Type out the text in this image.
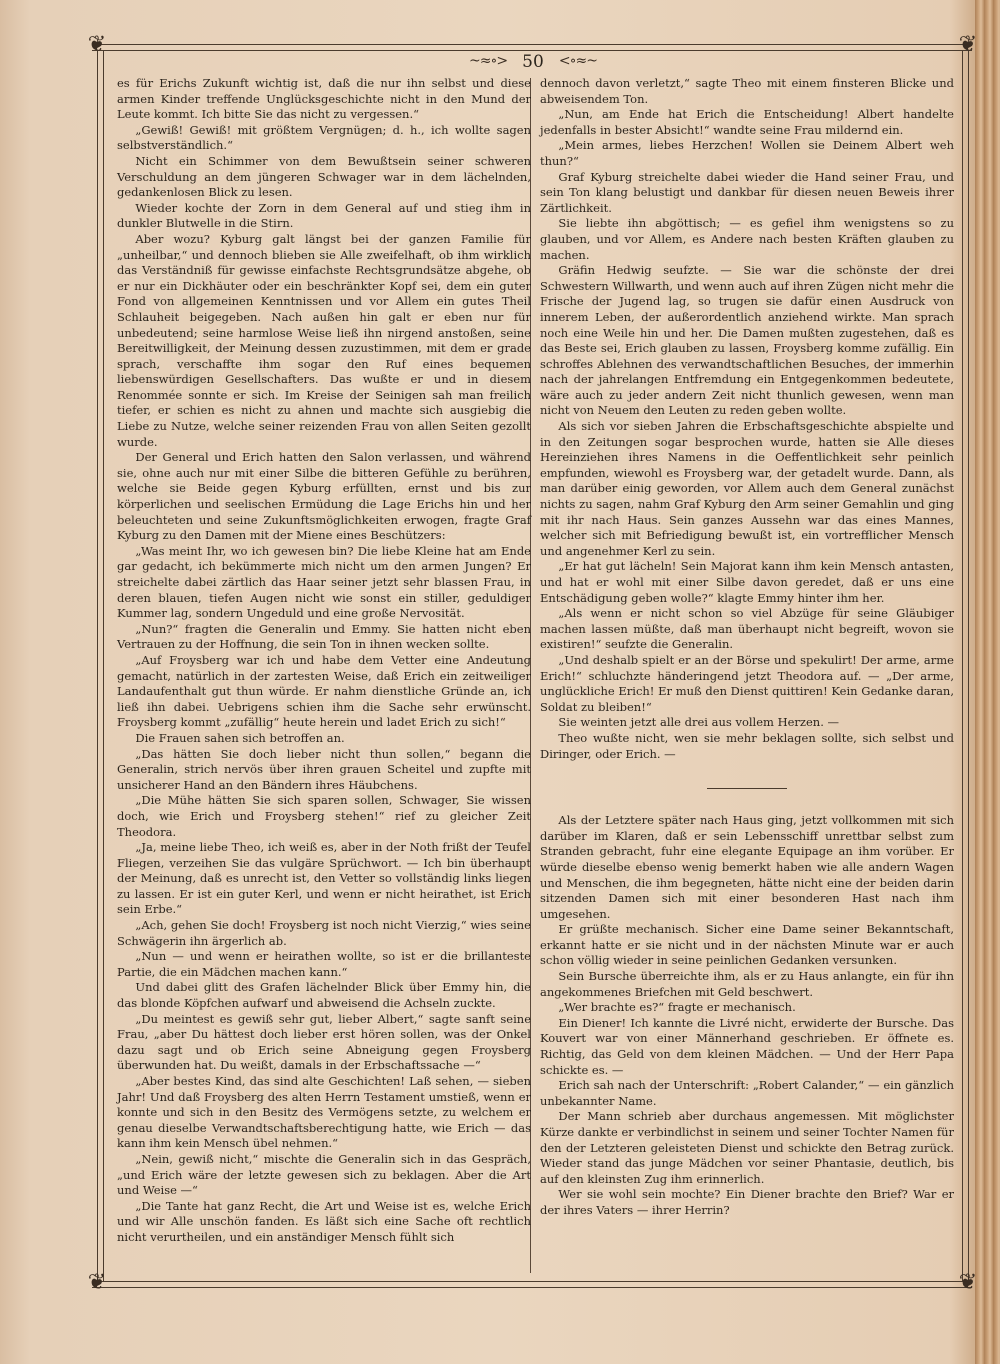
❦	❦
❦	❦
~≈∘> 50 <∘≈~

es für Erichs Zukunft wichtig ist, daß die nur ihn selbst und diese armen Kinder treffende Unglücksgeschichte nicht in den Mund der Leute kommt. Ich bitte Sie das nicht zu vergessen.“

„Gewiß! Gewiß! mit größtem Vergnügen; d. h., ich wollte sagen selbstverständlich.“

Nicht ein Schimmer von dem Bewußtsein seiner schweren Verschuldung an dem jüngeren Schwager war in dem lächelnden, gedankenlosen Blick zu lesen.

Wieder kochte der Zorn in dem General auf und stieg ihm in dunkler Blutwelle in die Stirn.

Aber wozu? Kyburg galt längst bei der ganzen Familie für „unheilbar,“ und dennoch blieben sie Alle zweifelhaft, ob ihm wirklich das Verständniß für gewisse einfachste Rechtsgrundsätze abgehe, ob er nur ein Dickhäuter oder ein beschränkter Kopf sei, dem ein guter Fond von allgemeinen Kenntnissen und vor Allem ein gutes Theil Schlauheit beigegeben. Nach außen hin galt er eben nur für unbedeutend; seine harmlose Weise ließ ihn nirgend anstoßen, seine Bereitwilligkeit, der Meinung dessen zuzustimmen, mit dem er grade sprach, verschaffte ihm sogar den Ruf eines bequemen liebenswürdigen Gesellschafters. Das wußte er und in diesem Renommée sonnte er sich. Im Kreise der Seinigen sah man freilich tiefer, er schien es nicht zu ahnen und machte sich ausgiebig die Liebe zu Nutze, welche seiner reizenden Frau von allen Seiten gezollt wurde.

Der General und Erich hatten den Salon verlassen, und während sie, ohne auch nur mit einer Silbe die bitteren Gefühle zu berühren, welche sie Beide gegen Kyburg erfüllten, ernst und bis zur körperlichen und seelischen Ermüdung die Lage Erichs hin und her beleuchteten und seine Zukunftsmöglichkeiten erwogen, fragte Graf Kyburg zu den Damen mit der Miene eines Beschützers:

„Was meint Ihr, wo ich gewesen bin? Die liebe Kleine hat am Ende gar gedacht, ich bekümmerte mich nicht um den armen Jungen? Er streichelte dabei zärtlich das Haar seiner jetzt sehr blassen Frau, in deren blauen, tiefen Augen nicht wie sonst ein stiller, geduldiger Kummer lag, sondern Ungeduld und eine große Nervosität.

„Nun?“ fragten die Generalin und Emmy. Sie hatten nicht eben Vertrauen zu der Hoffnung, die sein Ton in ihnen wecken sollte.

„Auf Froysberg war ich und habe dem Vetter eine Andeutung gemacht, natürlich in der zartesten Weise, daß Erich ein zeitweiliger Landaufenthalt gut thun würde. Er nahm dienstliche Gründe an, ich ließ ihn dabei. Uebrigens schien ihm die Sache sehr erwünscht. Froysberg kommt „zufällig“ heute herein und ladet Erich zu sich!“

Die Frauen sahen sich betroffen an.

„Das hätten Sie doch lieber nicht thun sollen,“ begann die Generalin, strich nervös über ihren grauen Scheitel und zupfte mit unsicherer Hand an den Bändern ihres Häubchens.

„Die Mühe hätten Sie sich sparen sollen, Schwager, Sie wissen doch, wie Erich und Froysberg stehen!“ rief zu gleicher Zeit Theodora.

„Ja, meine liebe Theo, ich weiß es, aber in der Noth frißt der Teufel Fliegen, verzeihen Sie das vulgäre Sprüchwort. — Ich bin überhaupt der Meinung, daß es unrecht ist, den Vetter so vollständig links liegen zu lassen. Er ist ein guter Kerl, und wenn er nicht heirathet, ist Erich sein Erbe.“

„Ach, gehen Sie doch! Froysberg ist noch nicht Vierzig,“ wies seine Schwägerin ihn ärgerlich ab.

„Nun — und wenn er heirathen wollte, so ist er die brillanteste Partie, die ein Mädchen machen kann.“

Und dabei glitt des Grafen lächelnder Blick über Emmy hin, die das blonde Köpfchen aufwarf und abweisend die Achseln zuckte.

„Du meintest es gewiß sehr gut, lieber Albert,“ sagte sanft seine Frau, „aber Du hättest doch lieber erst hören sollen, was der Onkel dazu sagt und ob Erich seine Abneigung gegen Froysberg überwunden hat. Du weißt, damals in der Erbschaftssache —“

„Aber bestes Kind, das sind alte Geschichten! Laß sehen, — sieben Jahr! Und daß Froysberg des alten Herrn Testament umstieß, wenn er konnte und sich in den Besitz des Vermögens setzte, zu welchem er genau dieselbe Verwandtschaftsberechtigung hatte, wie Erich — das kann ihm kein Mensch übel nehmen.“

„Nein, gewiß nicht,“ mischte die Generalin sich in das Gespräch, „und Erich wäre der letzte gewesen sich zu beklagen. Aber die Art und Weise —“

„Die Tante hat ganz Recht, die Art und Weise ist es, welche Erich und wir Alle unschön fanden. Es läßt sich eine Sache oft rechtlich nicht verurtheilen, und ein anständiger Mensch fühlt sich

dennoch davon verletzt,“ sagte Theo mit einem finsteren Blicke und abweisendem Ton.

„Nun, am Ende hat Erich die Entscheidung! Albert handelte jedenfalls in bester Absicht!“ wandte seine Frau mildernd ein.

„Mein armes, liebes Herzchen! Wollen sie Deinem Albert weh thun?“

Graf Kyburg streichelte dabei wieder die Hand seiner Frau, und sein Ton klang belustigt und dankbar für diesen neuen Beweis ihrer Zärtlichkeit.

Sie liebte ihn abgöttisch; — es gefiel ihm wenigstens so zu glauben, und vor Allem, es Andere nach besten Kräften glauben zu machen.

Gräfin Hedwig seufzte. — Sie war die schönste der drei Schwestern Willwarth, und wenn auch auf ihren Zügen nicht mehr die Frische der Jugend lag, so trugen sie dafür einen Ausdruck von innerem Leben, der außerordentlich anziehend wirkte. Man sprach noch eine Weile hin und her. Die Damen mußten zugestehen, daß es das Beste sei, Erich glauben zu lassen, Froysberg komme zufällig. Ein schroffes Ablehnen des verwandtschaftlichen Besuches, der immerhin nach der jahrelangen Entfremdung ein Entgegenkommen bedeutete, wäre auch zu jeder andern Zeit nicht thunlich gewesen, wenn man nicht von Neuem den Leuten zu reden geben wollte.

Als sich vor sieben Jahren die Erbschaftsgeschichte abspielte und in den Zeitungen sogar besprochen wurde, hatten sie Alle dieses Hereinziehen ihres Namens in die Oeffentlichkeit sehr peinlich empfunden, wiewohl es Froysberg war, der getadelt wurde. Dann, als man darüber einig geworden, vor Allem auch dem General zunächst nichts zu sagen, nahm Graf Kyburg den Arm seiner Gemahlin und ging mit ihr nach Haus. Sein ganzes Aussehn war das eines Mannes, welcher sich mit Befriedigung bewußt ist, ein vortrefflicher Mensch und angenehmer Kerl zu sein.

„Er hat gut lächeln! Sein Majorat kann ihm kein Mensch antasten, und hat er wohl mit einer Silbe davon geredet, daß er uns eine Entschädigung geben wolle?“ klagte Emmy hinter ihm her.

„Als wenn er nicht schon so viel Abzüge für seine Gläubiger machen lassen müßte, daß man überhaupt nicht begreift, wovon sie existiren!“ seufzte die Generalin.

„Und deshalb spielt er an der Börse und spekulirt! Der arme, arme Erich!“ schluchzte händeringend jetzt Theodora auf. — „Der arme, unglückliche Erich! Er muß den Dienst quittiren! Kein Gedanke daran, Soldat zu bleiben!“

Sie weinten jetzt alle drei aus vollem Herzen. —

Theo wußte nicht, wen sie mehr beklagen sollte, sich selbst und Diringer, oder Erich. —

Als der Letztere später nach Haus ging, jetzt vollkommen mit sich darüber im Klaren, daß er sein Lebensschiff unrettbar selbst zum Stranden gebracht, fuhr eine elegante Equipage an ihm vorüber. Er würde dieselbe ebenso wenig bemerkt haben wie alle andern Wagen und Menschen, die ihm begegneten, hätte nicht eine der beiden darin sitzenden Damen sich mit einer besonderen Hast nach ihm umgesehen.

Er grüßte mechanisch. Sicher eine Dame seiner Bekanntschaft, erkannt hatte er sie nicht und in der nächsten Minute war er auch schon völlig wieder in seine peinlichen Gedanken versunken.

Sein Bursche überreichte ihm, als er zu Haus anlangte, ein für ihn angekommenes Briefchen mit Geld beschwert.

„Wer brachte es?“ fragte er mechanisch.

Ein Diener! Ich kannte die Livré nicht, erwiderte der Bursche. Das Kouvert war von einer Männerhand geschrieben. Er öffnete es. Richtig, das Geld von dem kleinen Mädchen. — Und der Herr Papa schickte es. —

Erich sah nach der Unterschrift: „Robert Calander,“ — ein gänzlich unbekannter Name.

Der Mann schrieb aber durchaus angemessen. Mit möglichster Kürze dankte er verbindlichst in seinem und seiner Tochter Namen für den der Letzteren geleisteten Dienst und schickte den Betrag zurück. Wieder stand das junge Mädchen vor seiner Phantasie, deutlich, bis auf den kleinsten Zug ihm erinnerlich.

Wer sie wohl sein mochte? Ein Diener brachte den Brief? War er der ihres Vaters — ihrer Herrin?
